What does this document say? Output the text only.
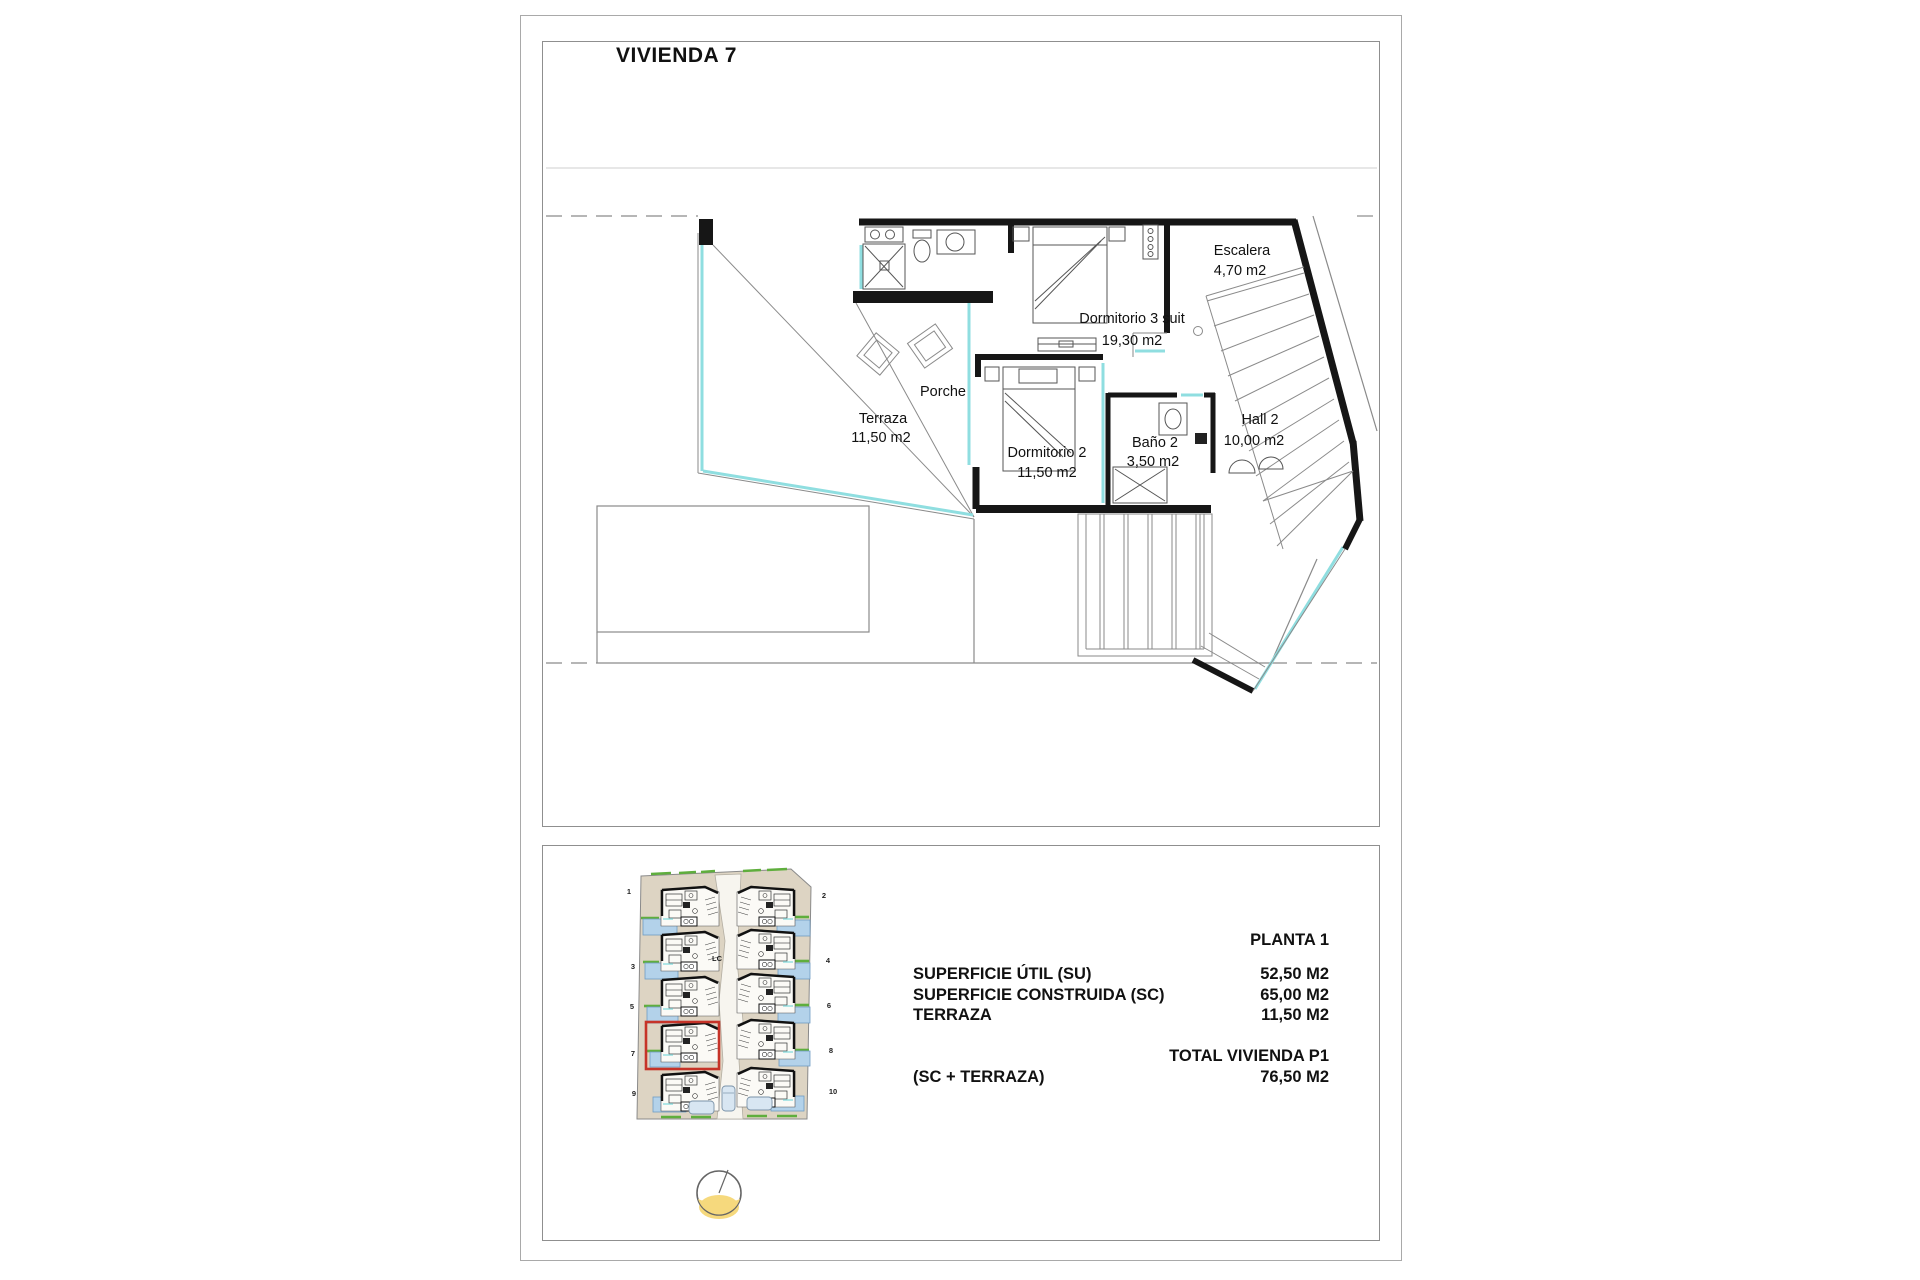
Escalera
4,70 m2
Dormitorio 3 suit
19,30 m2
Porche
Terraza
11,50 m2
Dormitorio 2
11,50 m2
Baño 2
3,50 m2
Hall 2
10,00 m2
VIVIENDA 7
1	2
3
4
5	6
7	8
9	10
LC
PLANTA 1
SUPERFICIE ÚTIL (SU)	52,50 M2
SUPERFICIE CONSTRUIDA (SC)	65,00 M2
TERRAZA	11,50 M2
TOTAL VIVIENDA P1
(SC + TERRAZA)	76,50 M2
